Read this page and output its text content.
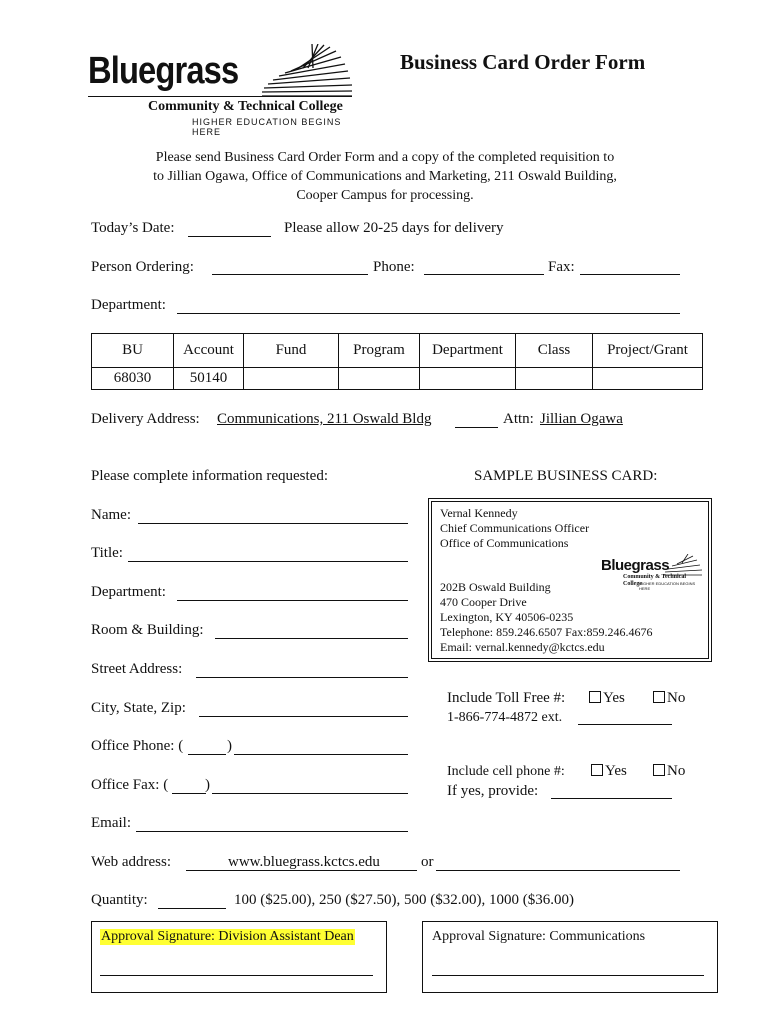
Bluegrass
Community & Technical College
HIGHER EDUCATION BEGINS HERE
Business Card Order Form
Please send Business Card Order Form and a copy of the completed requisition to
to Jillian Ogawa, Office of Communications and Marketing, 211 Oswald Building,
Cooper Campus for processing.
Today’s Date:	Please allow 20-25 days for delivery
Person Ordering:	Phone:	Fax:
Department:
BU	Account	Fund	Program	Department	Class	Project/Grant
68030	50140					
Delivery Address: Communications, 211 Oswald Bldg	Attn: Jillian Ogawa
Please complete information requested:
Name:
Title:
Department:
Room & Building:
Street Address:
City, State, Zip:
Office Phone: (	)
Office Fax: ( )
Email:
Web address:	www.bluegrass.kctcs.edu	or
Quantity:	100 ($25.00), 250 ($27.50), 500 ($32.00), 1000 ($36.00)
SAMPLE BUSINESS CARD:
Vernal Kennedy
Chief Communications Officer
Office of Communications
Bluegrass
Community & Technical College
HIGHER EDUCATION BEGINS HERE
202B Oswald Building
470 Cooper Drive
Lexington, KY 40506-0235
Telephone: 859.246.6507 Fax:859.246.4676
Email: vernal.kennedy@kctcs.edu
Include Toll Free #:	Yes	No
1-866-774-4872 ext.
Include cell phone #:	Yes	No
If yes, provide:
Approval Signature: Division Assistant Dean	Approval Signature: Communications
